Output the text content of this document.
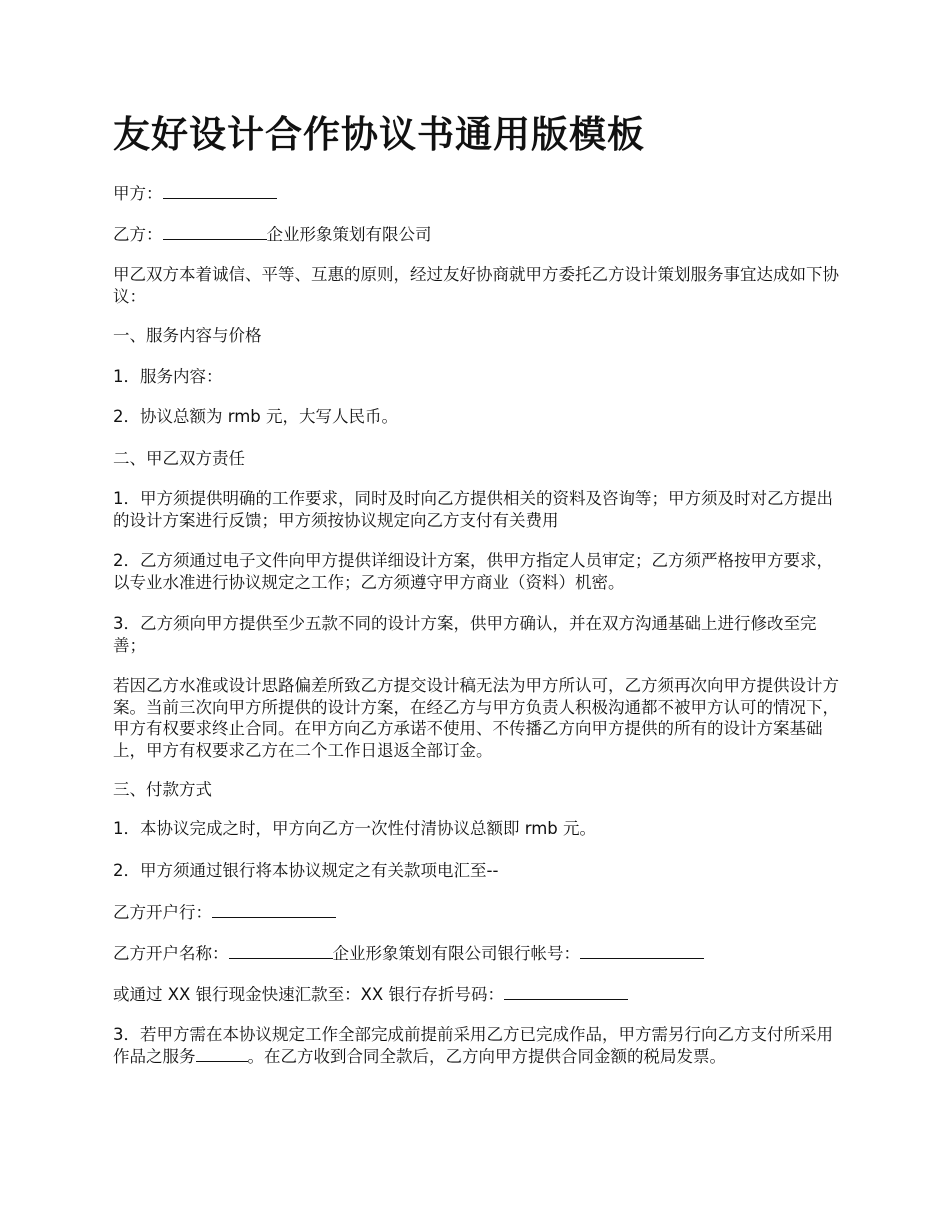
友好设计合作协议书通用版模板
甲方：
乙方：	企业形象策划有限公司
甲乙双方本着诚信、平等、互惠的原则，经过友好协商就甲方委托乙方设计策划服务事宜达成如下协议：
一、服务内容与价格
1．服务内容：
2．协议总额为 rmb 元，大写人民币。
二、甲乙双方责任
1．甲方须提供明确的工作要求，同时及时向乙方提供相关的资料及咨询等；甲方须及时对乙方提出的设计方案进行反馈；甲方须按协议规定向乙方支付有关费用
2．乙方须通过电子文件向甲方提供详细设计方案，供甲方指定人员审定；乙方须严格按甲方要求，以专业水准进行协议规定之工作；乙方须遵守甲方商业（资料）机密。
3．乙方须向甲方提供至少五款不同的设计方案，供甲方确认，并在双方沟通基础上进行修改至完善；
若因乙方水准或设计思路偏差所致乙方提交设计稿无法为甲方所认可，乙方须再次向甲方提供设计方案。当前三次向甲方所提供的设计方案，在经乙方与甲方负责人积极沟通都不被甲方认可的情况下，甲方有权要求终止合同。在甲方向乙方承诺不使用、不传播乙方向甲方提供的所有的设计方案基础上，甲方有权要求乙方在二个工作日退返全部订金。
三、付款方式
1．本协议完成之时，甲方向乙方一次性付清协议总额即 rmb 元。
2．甲方须通过银行将本协议规定之有关款项电汇至--
乙方开户行：
乙方开户名称：	企业形象策划有限公司银行帐号：
或通过 XX 银行现金快速汇款至：XX 银行存折号码：
3．若甲方需在本协议规定工作全部完成前提前采用乙方已完成作品，甲方需另行向乙方支付所采用作品之服务	。在乙方收到合同全款后，乙方向甲方提供合同金额的税局发票。
